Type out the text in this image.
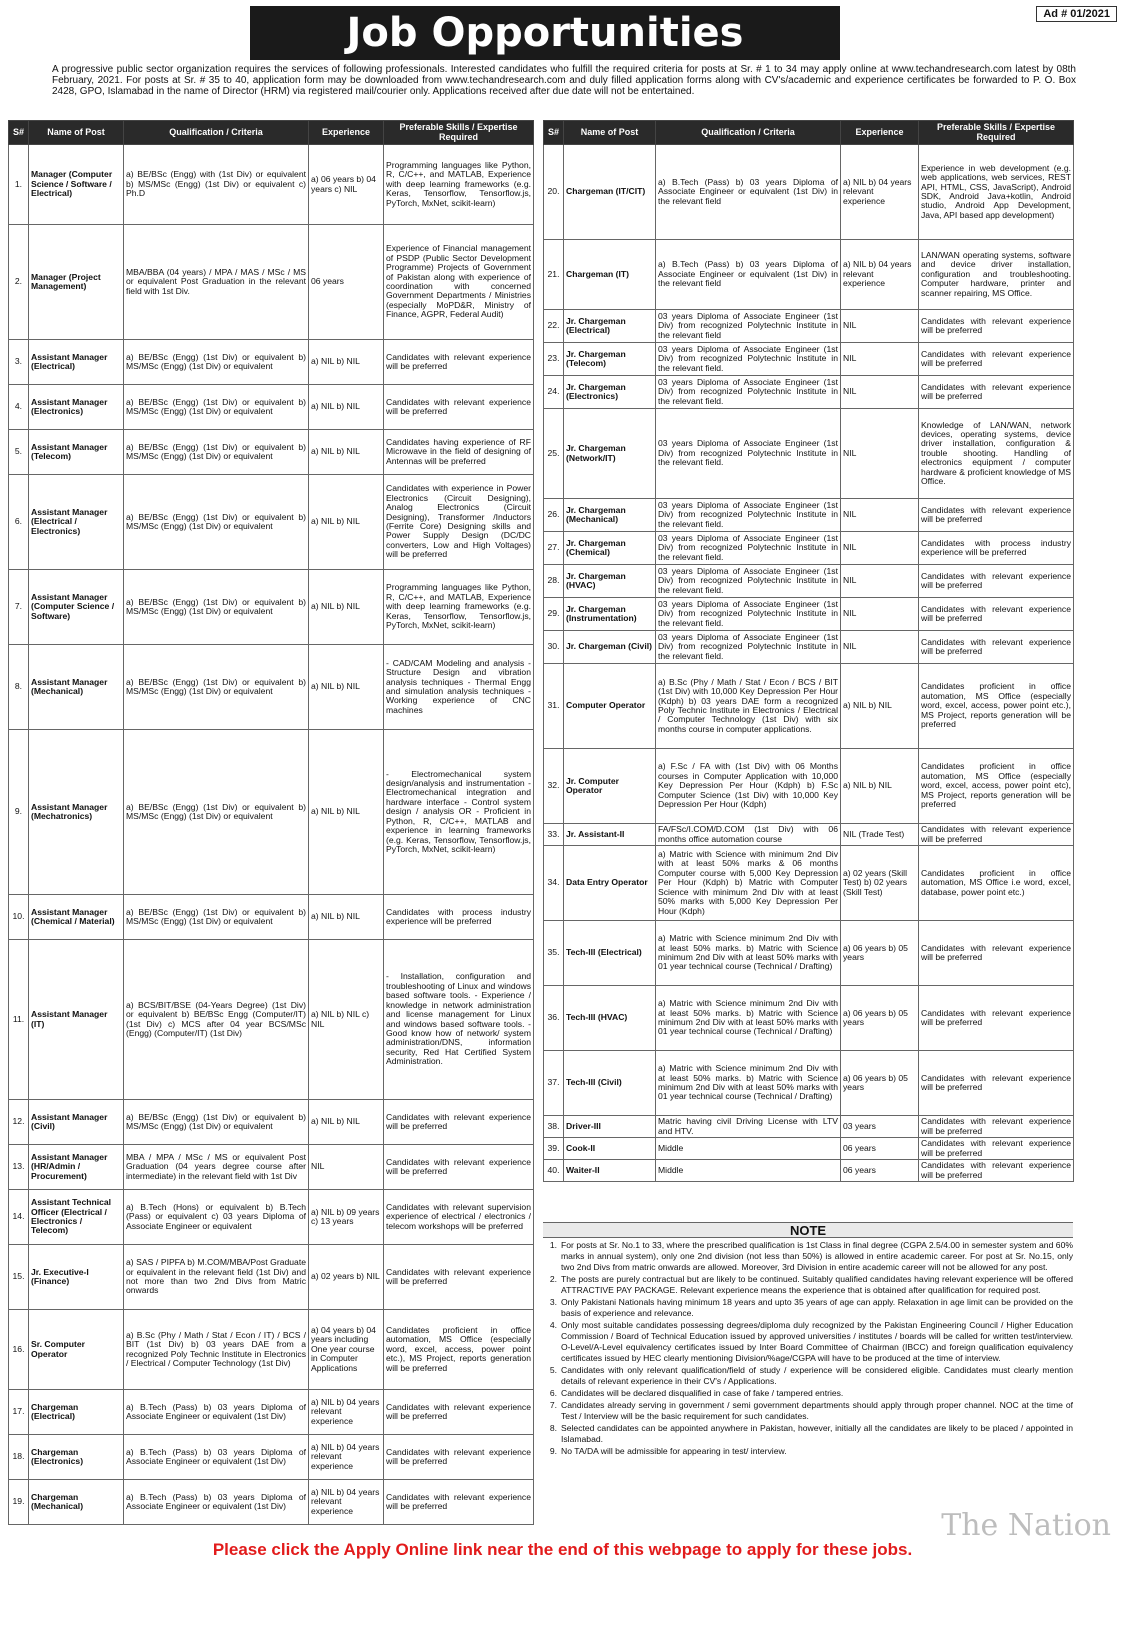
Job Opportunities	Ad # 01/2021
A progressive public sector organization requires the services of following professionals. Interested candidates who fulfill the required criteria for posts at Sr. # 1 to 34 may apply online at www.techandresearch.com latest by 08th February, 2021. For posts at Sr. # 35 to 40, application form may be downloaded from www.techandresearch.com and duly filled application forms along with CV's/academic and experience certificates be forwarded to P. O. Box 2428, GPO, Islamabad in the name of Director (HRM) via registered mail/courier only. Applications received after due date will not be entertained.
S#	Name of Post	Qualification / Criteria	Experience	Preferable Skills / Expertise Required
1.	Manager (Computer Science / Software / Electrical)	a) BE/BSc (Engg) with (1st Div) or equivalent b) MS/MSc (Engg) (1st Div) or equivalent c) Ph.D	a) 06 years b) 04 years c) NIL	Programming languages like Python, R, C/C++, and MATLAB, Experience with deep learning frameworks (e.g. Keras, Tensorflow, Tensorflow.js, PyTorch, MxNet, scikit-learn)
2.	Manager (Project Management)	MBA/BBA (04 years) / MPA / MAS / MSc / MS or equivalent Post Graduation in the relevant field with 1st Div.	06 years	Experience of Financial management of PSDP (Public Sector Development Programme) Projects of Government of Pakistan along with experience of coordination with concerned Government Departments / Ministries (especially MoPD&R, Ministry of Finance, AGPR, Federal Audit)
3.	Assistant Manager (Electrical)	a) BE/BSc (Engg) (1st Div) or equivalent b) MS/MSc (Engg) (1st Div) or equivalent	a) NIL b) NIL	Candidates with relevant experience will be preferred
4.	Assistant Manager (Electronics)	a) BE/BSc (Engg) (1st Div) or equivalent b) MS/MSc (Engg) (1st Div) or equivalent	a) NIL b) NIL	Candidates with relevant experience will be preferred
5.	Assistant Manager (Telecom)	a) BE/BSc (Engg) (1st Div) or equivalent b) MS/MSc (Engg) (1st Div) or equivalent	a) NIL b) NIL	Candidates having experience of RF Microwave in the field of designing of Antennas will be preferred
6.	Assistant Manager (Electrical / Electronics)	a) BE/BSc (Engg) (1st Div) or equivalent b) MS/MSc (Engg) (1st Div) or equivalent	a) NIL b) NIL	Candidates with experience in Power Electronics (Circuit Designing), Analog Electronics (Circuit Designing), Transformer /Inductors (Ferrite Core) Designing skills and Power Supply Design (DC/DC converters, Low and High Voltages) will be preferred
7.	Assistant Manager (Computer Science / Software)	a) BE/BSc (Engg) (1st Div) or equivalent b) MS/MSc (Engg) (1st Div) or equivalent	a) NIL b) NIL	Programming languages like Python, R, C/C++, and MATLAB, Experience with deep learning frameworks (e.g. Keras, Tensorflow, Tensorflow.js, PyTorch, MxNet, scikit-learn)
8.	Assistant Manager (Mechanical)	a) BE/BSc (Engg) (1st Div) or equivalent b) MS/MSc (Engg) (1st Div) or equivalent	a) NIL b) NIL	- CAD/CAM Modeling and analysis - Structure Design and vibration analysis techniques - Thermal Engg and simulation analysis techniques - Working experience of CNC machines
9.	Assistant Manager (Mechatronics)	a) BE/BSc (Engg) (1st Div) or equivalent b) MS/MSc (Engg) (1st Div) or equivalent	a) NIL b) NIL	- Electromechanical system design/analysis and instrumentation - Electromechanical integration and hardware interface - Control system design / analysis OR - Proficient in Python, R, C/C++, MATLAB and experience in learning frameworks (e.g. Keras, Tensorflow, Tensorflow.js, PyTorch, MxNet, scikit-learn)
10.	Assistant Manager (Chemical / Material)	a) BE/BSc (Engg) (1st Div) or equivalent b) MS/MSc (Engg) (1st Div) or equivalent	a) NIL b) NIL	Candidates with process industry experience will be preferred
11.	Assistant Manager (IT)	a) BCS/BIT/BSE (04-Years Degree) (1st Div) or equivalent b) BE/BSc Engg (Computer/IT) (1st Div) c) MCS after 04 year BCS/MSc (Engg) (Computer/IT) (1st Div)	a) NIL b) NIL c) NIL	- Installation, configuration and troubleshooting of Linux and windows based software tools. - Experience / knowledge in network administration and license management for Linux and windows based software tools. - Good know how of network/ system administration/DNS, information security, Red Hat Certified System Administration.
12.	Assistant Manager (Civil)	a) BE/BSc (Engg) (1st Div) or equivalent b) MS/MSc (Engg) (1st Div) or equivalent	a) NIL b) NIL	Candidates with relevant experience will be preferred
13.	Assistant Manager (HR/Admin / Procurement)	MBA / MPA / MSc / MS or equivalent Post Graduation (04 years degree course after intermediate) in the relevant field with 1st Div	NIL	Candidates with relevant experience will be preferred
14.	Assistant Technical Officer (Electrical / Electronics / Telecom)	a) B.Tech (Hons) or equivalent b) B.Tech (Pass) or equivalent c) 03 years Diploma of Associate Engineer or equivalent	a) NIL b) 09 years c) 13 years	Candidates with relevant supervision experience of electrical / electronics / telecom workshops will be preferred
15.	Jr. Executive-I (Finance)	a) SAS / PIPFA b) M.COM/MBA/Post Graduate or equivalent in the relevant field (1st Div) and not more than two 2nd Divs from Matric onwards	a) 02 years b) NIL	Candidates with relevant experience will be preferred
16.	Sr. Computer Operator	a) B.Sc (Phy / Math / Stat / Econ / IT) / BCS / BIT (1st Div) b) 03 years DAE from a recognized Poly Technic Institute in Electronics / Electrical / Computer Technology (1st Div)	a) 04 years b) 04 years including One year course in Computer Applications	Candidates proficient in office automation, MS Office (especially word, excel, access, power point etc.), MS Project, reports generation will be preferred
17.	Chargeman (Electrical)	a) B.Tech (Pass) b) 03 years Diploma of Associate Engineer or equivalent (1st Div)	a) NIL b) 04 years relevant experience	Candidates with relevant experience will be preferred
18.	Chargeman (Electronics)	a) B.Tech (Pass) b) 03 years Diploma of Associate Engineer or equivalent (1st Div)	a) NIL b) 04 years relevant experience	Candidates with relevant experience will be preferred
19.	Chargeman (Mechanical)	a) B.Tech (Pass) b) 03 years Diploma of Associate Engineer or equivalent (1st Div)	a) NIL b) 04 years relevant experience	Candidates with relevant experience will be preferred
S#	Name of Post	Qualification / Criteria	Experience	Preferable Skills / Expertise Required
20.	Chargeman (IT/CIT)	a) B.Tech (Pass) b) 03 years Diploma of Associate Engineer or equivalent (1st Div) in the relevant field	a) NIL b) 04 years relevant experience	Experience in web development (e.g. web applications, web services, REST API, HTML, CSS, JavaScript), Android SDK, Android Java+kotlin, Android studio, Android App Development, Java, API based app development)
21.	Chargeman (IT)	a) B.Tech (Pass) b) 03 years Diploma of Associate Engineer or equivalent (1st Div) in the relevant field	a) NIL b) 04 years relevant experience	LAN/WAN operating systems, software and device driver installation, configuration and troubleshooting. Computer hardware, printer and scanner repairing, MS Office.
22.	Jr. Chargeman (Electrical)	03 years Diploma of Associate Engineer (1st Div) from recognized Polytechnic Institute in the relevant field	NIL	Candidates with relevant experience will be preferred
23.	Jr. Chargeman (Telecom)	03 years Diploma of Associate Engineer (1st Div) from recognized Polytechnic Institute in the relevant field.	NIL	Candidates with relevant experience will be preferred
24.	Jr. Chargeman (Electronics)	03 years Diploma of Associate Engineer (1st Div) from recognized Polytechnic Institute in the relevant field.	NIL	Candidates with relevant experience will be preferred
25.	Jr. Chargeman (Network/IT)	03 years Diploma of Associate Engineer (1st Div) from recognized Polytechnic Institute in the relevant field.	NIL	Knowledge of LAN/WAN, network devices, operating systems, device driver installation, configuration & trouble shooting. Handling of electronics equipment / computer hardware & proficient knowledge of MS Office.
26.	Jr. Chargeman (Mechanical)	03 years Diploma of Associate Engineer (1st Div) from recognized Polytechnic Institute in the relevant field.	NIL	Candidates with relevant experience will be preferred
27.	Jr. Chargeman (Chemical)	03 years Diploma of Associate Engineer (1st Div) from recognized Polytechnic Institute in the relevant field.	NIL	Candidates with process industry experience will be preferred
28.	Jr. Chargeman (HVAC)	03 years Diploma of Associate Engineer (1st Div) from recognized Polytechnic Institute in the relevant field.	NIL	Candidates with relevant experience will be preferred
29.	Jr. Chargeman (Instrumentation)	03 years Diploma of Associate Engineer (1st Div) from recognized Polytechnic Institute in the relevant field.	NIL	Candidates with relevant experience will be preferred
30.	Jr. Chargeman (Civil)	03 years Diploma of Associate Engineer (1st Div) from recognized Polytechnic Institute in the relevant field.	NIL	Candidates with relevant experience will be preferred
31.	Computer Operator	a) B.Sc (Phy / Math / Stat / Econ / BCS / BIT (1st Div) with 10,000 Key Depression Per Hour (Kdph) b) 03 years DAE form a recognized Poly Technic Institute in Electronics / Electrical / Computer Technology (1st Div) with six months course in computer applications.	a) NIL b) NIL	Candidates proficient in office automation, MS Office (especially word, excel, access, power point etc.), MS Project, reports generation will be preferred
32.	Jr. Computer Operator	a) F.Sc / FA with (1st Div) with 06 Months courses in Computer Application with 10,000 Key Depression Per Hour (Kdph) b) F.Sc Computer Science (1st Div) with 10,000 Key Depression Per Hour (Kdph)	a) NIL b) NIL	Candidates proficient in office automation, MS Office (especially word, excel, access, power point etc), MS Project, reports generation will be preferred
33.	Jr. Assistant-II	FA/FSc/I.COM/D.COM (1st Div) with 06 months office automation course	NIL (Trade Test)	Candidates with relevant experience will be preferred
34.	Data Entry Operator	a) Matric with Science with minimum 2nd Div with at least 50% marks & 06 months Computer course with 5,000 Key Depression Per Hour (Kdph) b) Matric with Computer Science with minimum 2nd Div with at least 50% marks with 5,000 Key Depression Per Hour (Kdph)	a) 02 years (Skill Test) b) 02 years (Skill Test)	Candidates proficient in office automation, MS Office i.e word, excel, database, power point etc.)
35.	Tech-III (Electrical)	a) Matric with Science minimum 2nd Div with at least 50% marks. b) Matric with Science minimum 2nd Div with at least 50% marks with 01 year technical course (Technical / Drafting)	a) 06 years b) 05 years	Candidates with relevant experience will be preferred
36.	Tech-III (HVAC)	a) Matric with Science minimum 2nd Div with at least 50% marks. b) Matric with Science minimum 2nd Div with at least 50% marks with 01 year technical course (Technical / Drafting)	a) 06 years b) 05 years	Candidates with relevant experience will be preferred
37.	Tech-III (Civil)	a) Matric with Science minimum 2nd Div with at least 50% marks. b) Matric with Science minimum 2nd Div with at least 50% marks with 01 year technical course (Technical / Drafting)	a) 06 years b) 05 years	Candidates with relevant experience will be preferred
38.	Driver-III	Matric having civil Driving License with LTV and HTV.	03 years	Candidates with relevant experience will be preferred
39.	Cook-II	Middle	06 years	Candidates with relevant experience will be preferred
40.	Waiter-II	Middle	06 years	Candidates with relevant experience will be preferred
NOTE
1. For posts at Sr. No.1 to 33, where the prescribed qualification is 1st Class in final degree (CGPA 2.5/4.00 in semester system and 60% marks in annual system), only one 2nd division (not less than 50%) is allowed in entire academic career. For post at Sr. No.15, only two 2nd Divs from matric onwards are allowed. Moreover, 3rd Division in entire academic career will not be allowed for any post.
2. The posts are purely contractual but are likely to be continued. Suitably qualified candidates having relevant experience will be offered ATTRACTIVE PAY PACKAGE. Relevant experience means the experience that is obtained after qualification for required post.
3. Only Pakistani Nationals having minimum 18 years and upto 35 years of age can apply. Relaxation in age limit can be provided on the basis of experience and relevance.
4. Only most suitable candidates possessing degrees/diploma duly recognized by the Pakistan Engineering Council / Higher Education Commission / Board of Technical Education issued by approved universities / institutes / boards will be called for written test/interview. O-Level/A-Level equivalency certificates issued by Inter Board Committee of Chairman (IBCC) and foreign qualification equivalency certificates issued by HEC clearly mentioning Division/%age/CGPA will have to be produced at the time of interview.
5. Candidates with only relevant qualification/field of study / experience will be considered eligible. Candidates must clearly mention details of relevant experience in their CV's / Applications.
6. Candidates will be declared disqualified in case of fake / tampered entries.
7. Candidates already serving in government / semi government departments should apply through proper channel. NOC at the time of Test / Interview will be the basic requirement for such candidates.
8. Selected candidates can be appointed anywhere in Pakistan, however, initially all the candidates are likely to be placed / appointed in Islamabad.
9. No TA/DA will be admissible for appearing in test/ interview.
The Nation
Please click the Apply Online link near the end of this webpage to apply for these jobs.
